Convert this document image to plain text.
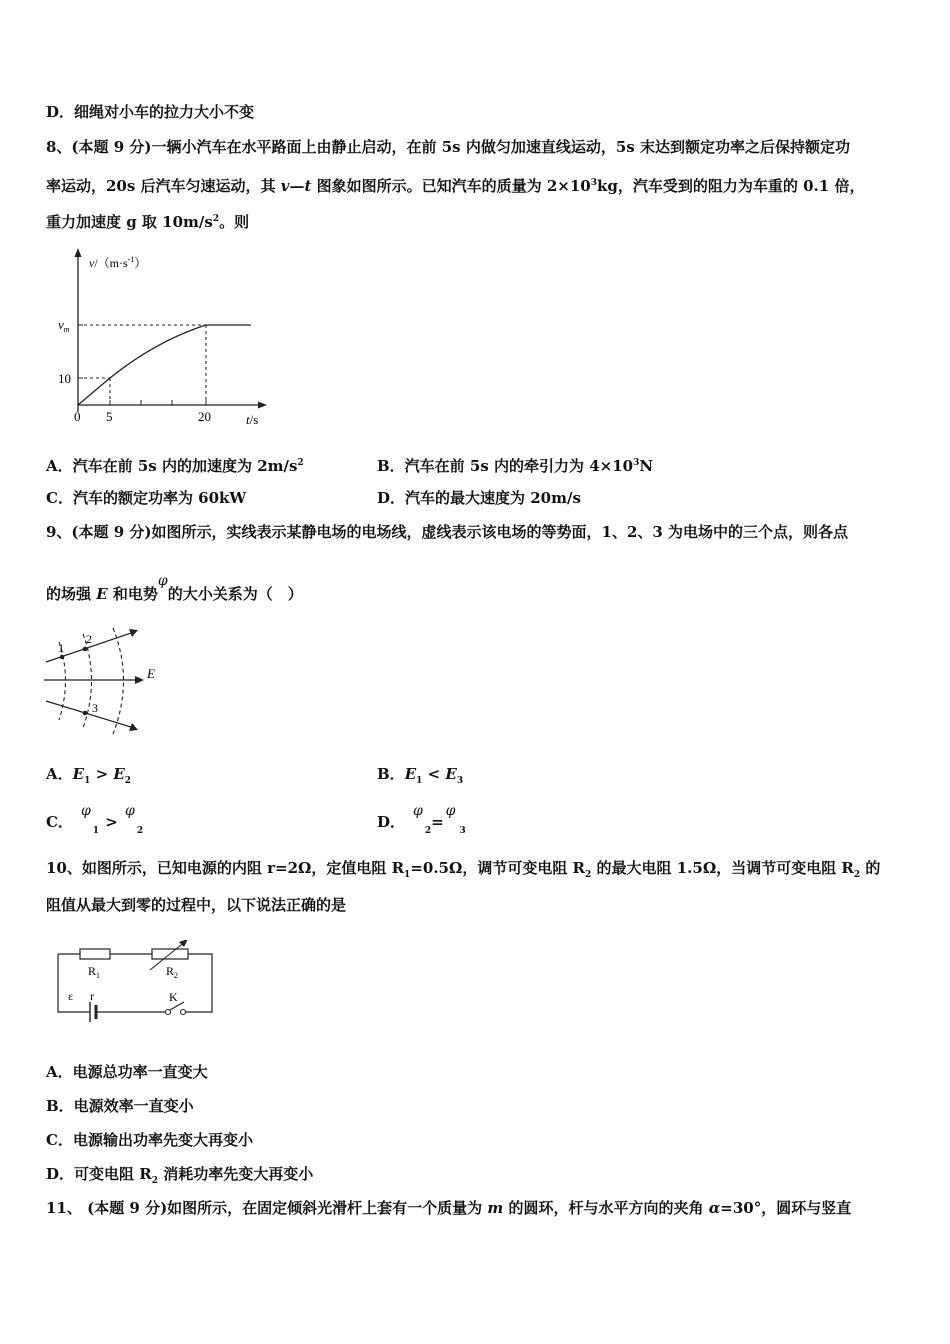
D．细绳对小车的拉力大小不变
8、(本题 9 分)一辆小汽车在水平路面上由静止启动，在前 5s 内做匀加速直线运动，5s 末达到额定功率之后保持额定功
率运动，20s 后汽车匀速运动，其 v—t 图象如图所示。已知汽车的质量为 $2\times 10^3kg$，汽车受到的阻力为车重的 0.1 倍，
重力加速度 g 取 $10m/s^2$。则
$v/(m\cdot s^{-1})$
$v_m$
10
0 5	20	t/s
A．汽车在前 5s 内的加速度为 $2m/s^2$	B．汽车在前 5s 内的牵引力为 $4\times 10^3N$
C．汽车的额定功率为 60kW	D．汽车的最大速度为 20m/s
9、(本题 9 分)如图所示，实线表示某静电场的电场线，虚线表示该电场的等势面，1、2、3 为电场中的三个点，则各点
的场强 E 和电势φ的大小关系为（　）
1
2
3
E
A．$E_1 > E_2$	B．$E_1 < E_3$
C．$\varphi_1 > \varphi_2$	D．$\varphi_2=\varphi_3$
10、如图所示，已知电源的内阻 r=2Ω，定值电阻 $R_1=0.5\Omega$，调节可变电阻 $R_2$ 的最大电阻 1.5Ω，当调节可变电阻 $R_2$ 的
阻值从最大到零的过程中，以下说法正确的是
$R_1$	$R_2$
ε r	K
A．电源总功率一直变大
B．电源效率一直变小
C．电源输出功率先变大再变小
D．可变电阻 $R_2$ 消耗功率先变大再变小
11、 (本题 9 分)如图所示，在固定倾斜光滑杆上套有一个质量为 m 的圆环，杆与水平方向的夹角 α=30°，圆环与竖直
